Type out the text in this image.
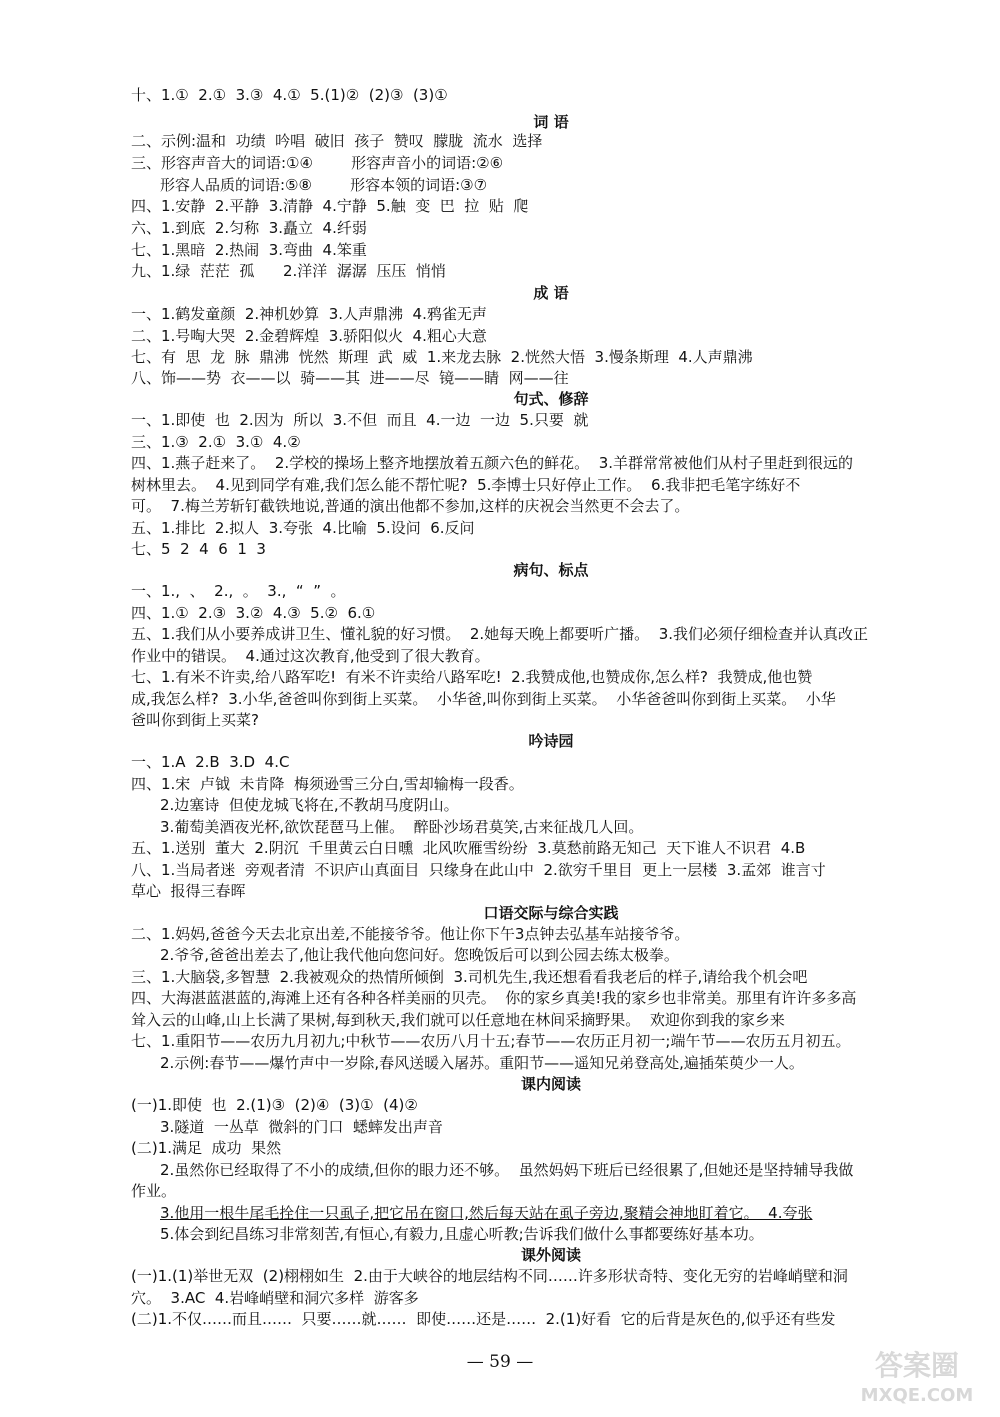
十、1.①  2.①  3.③  4.①  5.(1)②  (2)③  (3)①
词 语
二、示例:温和  功绩  吟唱  破旧  孩子  赞叹  朦胧  流水  选择
三、形容声音大的词语:①④        形容声音小的词语:②⑥
形容人品质的词语:⑤⑧        形容本领的词语:③⑦
四、1.安静  2.平静  3.清静  4.宁静  5.触  变  巴  拉  贴  爬
六、1.到底  2.匀称  3.矗立  4.纤弱
七、1.黑暗  2.热闹  3.弯曲  4.笨重
九、1.绿  茫茫  孤      2.洋洋  潺潺  压压  悄悄
成 语
一、1.鹤发童颜  2.神机妙算  3.人声鼎沸  4.鸦雀无声
二、1.号啕大哭  2.金碧辉煌  3.骄阳似火  4.粗心大意
七、有  思  龙  脉  鼎沸  恍然  斯理  武  威  1.来龙去脉  2.恍然大悟  3.慢条斯理  4.人声鼎沸
八、饰——势  衣——以  骑——其  进——尽  镜——睛  网——往
句式、修辞
一、1.即使  也  2.因为  所以  3.不但  而且  4.一边  一边  5.只要  就
三、1.③  2.①  3.①  4.②
四、1.燕子赶来了。  2.学校的操场上整齐地摆放着五颜六色的鲜花。  3.羊群常常被他们从村子里赶到很远的
树林里去。  4.见到同学有难,我们怎么能不帮忙呢?  5.李博士只好停止工作。  6.我非把毛笔字练好不
可。  7.梅兰芳斩钉截铁地说,普通的演出他都不参加,这样的庆祝会当然更不会去了。
五、1.排比  2.拟人  3.夸张  4.比喻  5.设问  6.反问
七、5  2  4  6  1  3
病句、标点
一、1.,  、  2.,  。  3.,  “  ”  。
四、1.①  2.③  3.②  4.③  5.②  6.①
五、1.我们从小要养成讲卫生、懂礼貌的好习惯。  2.她每天晚上都要听广播。  3.我们必须仔细检查并认真改正
作业中的错误。  4.通过这次教育,他受到了很大教育。
七、1.有米不许卖,给八路军吃!  有米不许卖给八路军吃!  2.我赞成他,也赞成你,怎么样?  我赞成,他也赞
成,我怎么样?  3.小华,爸爸叫你到街上买菜。  小华爸,叫你到街上买菜。  小华爸爸叫你到街上买菜。  小华
爸叫你到街上买菜?
吟诗园
一、1.A  2.B  3.D  4.C
四、1.宋  卢钺  未肯降  梅须逊雪三分白,雪却输梅一段香。
2.边塞诗  但使龙城飞将在,不教胡马度阴山。
3.葡萄美酒夜光杯,欲饮琵琶马上催。  醉卧沙场君莫笑,古来征战几人回。
五、1.送别  董大  2.阴沉  千里黄云白日曛  北风吹雁雪纷纷  3.莫愁前路无知己  天下谁人不识君  4.B
八、1.当局者迷  旁观者清  不识庐山真面目  只缘身在此山中  2.欲穷千里目  更上一层楼  3.孟郊  谁言寸
草心  报得三春晖
口语交际与综合实践
二、1.妈妈,爸爸今天去北京出差,不能接爷爷。他让你下午3点钟去弘基车站接爷爷。
2.爷爷,爸爸出差去了,他让我代他向您问好。您晚饭后可以到公园去练太极拳。
三、1.大脑袋,多智慧  2.我被观众的热情所倾倒  3.司机先生,我还想看看我老后的样子,请给我个机会吧
四、大海湛蓝湛蓝的,海滩上还有各种各样美丽的贝壳。  你的家乡真美!我的家乡也非常美。那里有许许多多高
耸入云的山峰,山上长满了果树,每到秋天,我们就可以任意地在林间采摘野果。  欢迎你到我的家乡来
七、1.重阳节——农历九月初九;中秋节——农历八月十五;春节——农历正月初一;端午节——农历五月初五。
2.示例:春节——爆竹声中一岁除,春风送暖入屠苏。重阳节——遥知兄弟登高处,遍插茱萸少一人。
课内阅读
(一)1.即使  也  2.(1)③  (2)④  (3)①  (4)②
3.隧道  一丛草  微斜的门口  蟋蟀发出声音
(二)1.满足  成功  果然
2.虽然你已经取得了不小的成绩,但你的眼力还不够。  虽然妈妈下班后已经很累了,但她还是坚持辅导我做
作业。
3.他用一根牛尾毛拴住一只虱子,把它吊在窗口,然后每天站在虱子旁边,聚精会神地盯着它。  4.夸张
5.体会到纪昌练习非常刻苦,有恒心,有毅力,且虚心听教;告诉我们做什么事都要练好基本功。
课外阅读
(一)1.(1)举世无双  (2)栩栩如生  2.由于大峡谷的地层结构不同……许多形状奇特、变化无穷的岩峰峭壁和洞
穴。  3.AC  4.岩峰峭壁和洞穴多样  游客多
(二)1.不仅……而且……  只要……就……  即使……还是……  2.(1)好看  它的后背是灰色的,似乎还有些发
— 59 —	答案圈
MXQE.COM
